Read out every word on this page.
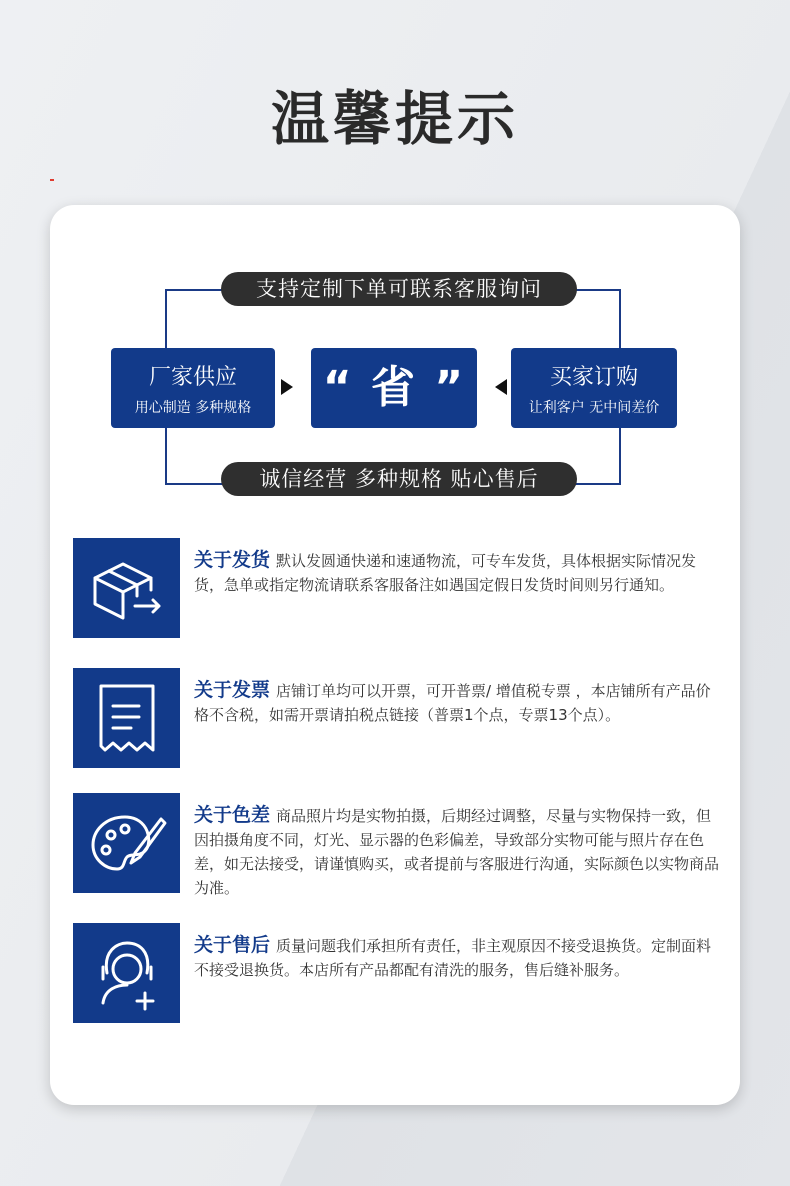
温馨提示
支持定制下单可联系客服询问
诚信经营 多种规格 贴心售后
厂家供应
用心制造 多种规格	“ 省 ”	买家订购
让利客户 无中间差价
关于发货 默认发圆通快递和速通物流，可专车发货，具体根据实际情况发货，急单或指定物流请联系客服备注如遇国定假日发货时间则另行通知。
关于发票 店铺订单均可以开票，可开普票/ 增值税专票 ，本店铺所有产品价格不含税，如需开票请拍税点链接（普票1个点，专票13个点）。
关于色差 商品照片均是实物拍摄，后期经过调整，尽量与实物保持一致，但因拍摄角度不同，灯光、显示器的色彩偏差，导致部分实物可能与照片存在色差，如无法接受，请谨慎购买，或者提前与客服进行沟通，实际颜色以实物商品为准。
关于售后 质量问题我们承担所有责任，非主观原因不接受退换货。定制面料不接受退换货。本店所有产品都配有清洗的服务，售后缝补服务。
